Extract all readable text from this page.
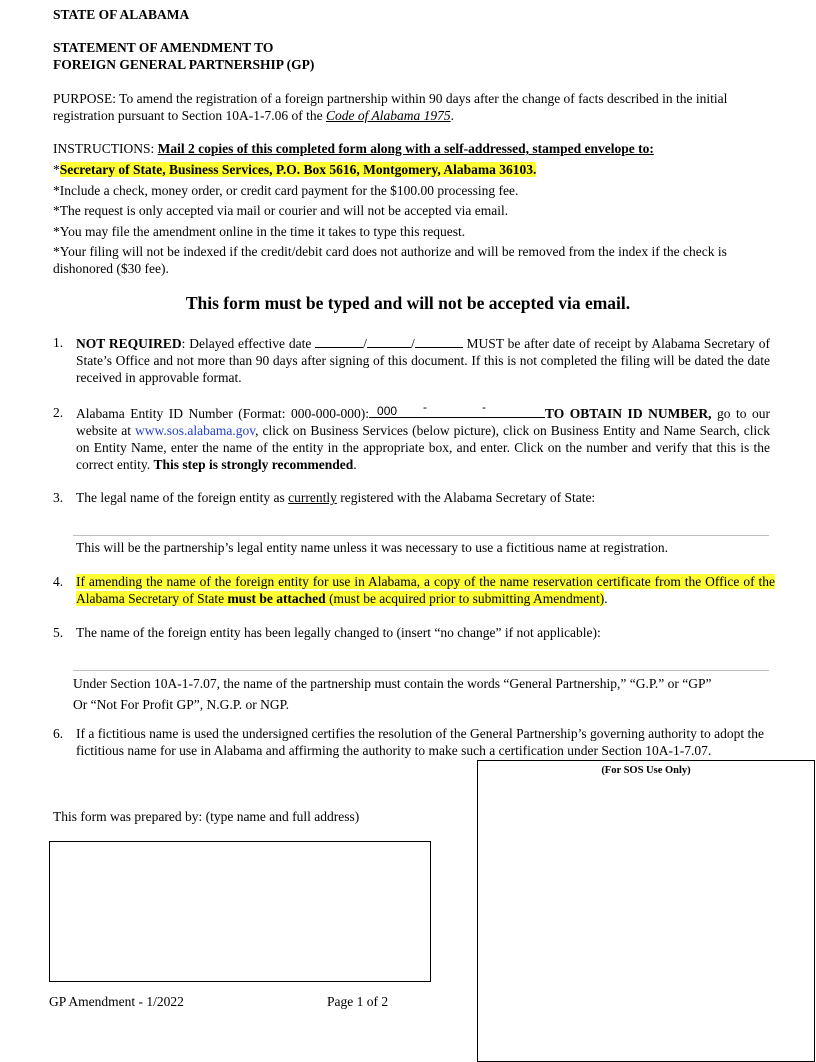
STATE OF ALABAMA
STATEMENT OF AMENDMENT TO
FOREIGN GENERAL PARTNERSHIP (GP)
PURPOSE: To amend the registration of a foreign partnership within 90 days after the change of facts described in the initial registration pursuant to Section 10A-1-7.06 of the Code of Alabama 1975.
INSTRUCTIONS: Mail 2 copies of this completed form along with a self-addressed, stamped envelope to:
*Secretary of State, Business Services, P.O. Box 5616, Montgomery, Alabama 36103.
*Include a check, money order, or credit card payment for the $100.00 processing fee.
*The request is only accepted via mail or courier and will not be accepted via email.
*You may file the amendment online in the time it takes to type this request.
*Your filing will not be indexed if the credit/debit card does not authorize and will be removed from the index if the check is dishonored ($30 fee).
This form must be typed and will not be accepted via email.
1. NOT REQUIRED: Delayed effective date	/	/	MUST be after date of receipt by Alabama Secretary of State’s Office and not more than 90 days after signing of this document. If this is not completed the filing will be dated the date received in approvable format.
2. Alabama Entity ID Number (Format: 000-000-000): 000 -	-	TO OBTAIN ID NUMBER, go to our website at www.sos.alabama.gov, click on Business Services (below picture), click on Business Entity and Name Search, click on Entity Name, enter the name of the entity in the appropriate box, and enter. Click on the number and verify that this is the correct entity. This step is strongly recommended.
3. The legal name of the foreign entity as currently registered with the Alabama Secretary of State:
This will be the partnership’s legal entity name unless it was necessary to use a fictitious name at registration.
4. If amending the name of the foreign entity for use in Alabama, a copy of the name reservation certificate from the Office of the Alabama Secretary of State must be attached (must be acquired prior to submitting Amendment).
5. The name of the foreign entity has been legally changed to (insert “no change” if not applicable):
Under Section 10A-1-7.07, the name of the partnership must contain the words “General Partnership,” “G.P.” or “GP”
Or “Not For Profit GP”, N.G.P. or NGP.
6. If a fictitious name is used the undersigned certifies the resolution of the General Partnership’s governing authority to adopt the fictitious name for use in Alabama and affirming the authority to make such a certification under Section 10A-1-7.07.
(For SOS Use Only)
This form was prepared by: (type name and full address)
GP Amendment - 1/2022	Page 1 of 2
